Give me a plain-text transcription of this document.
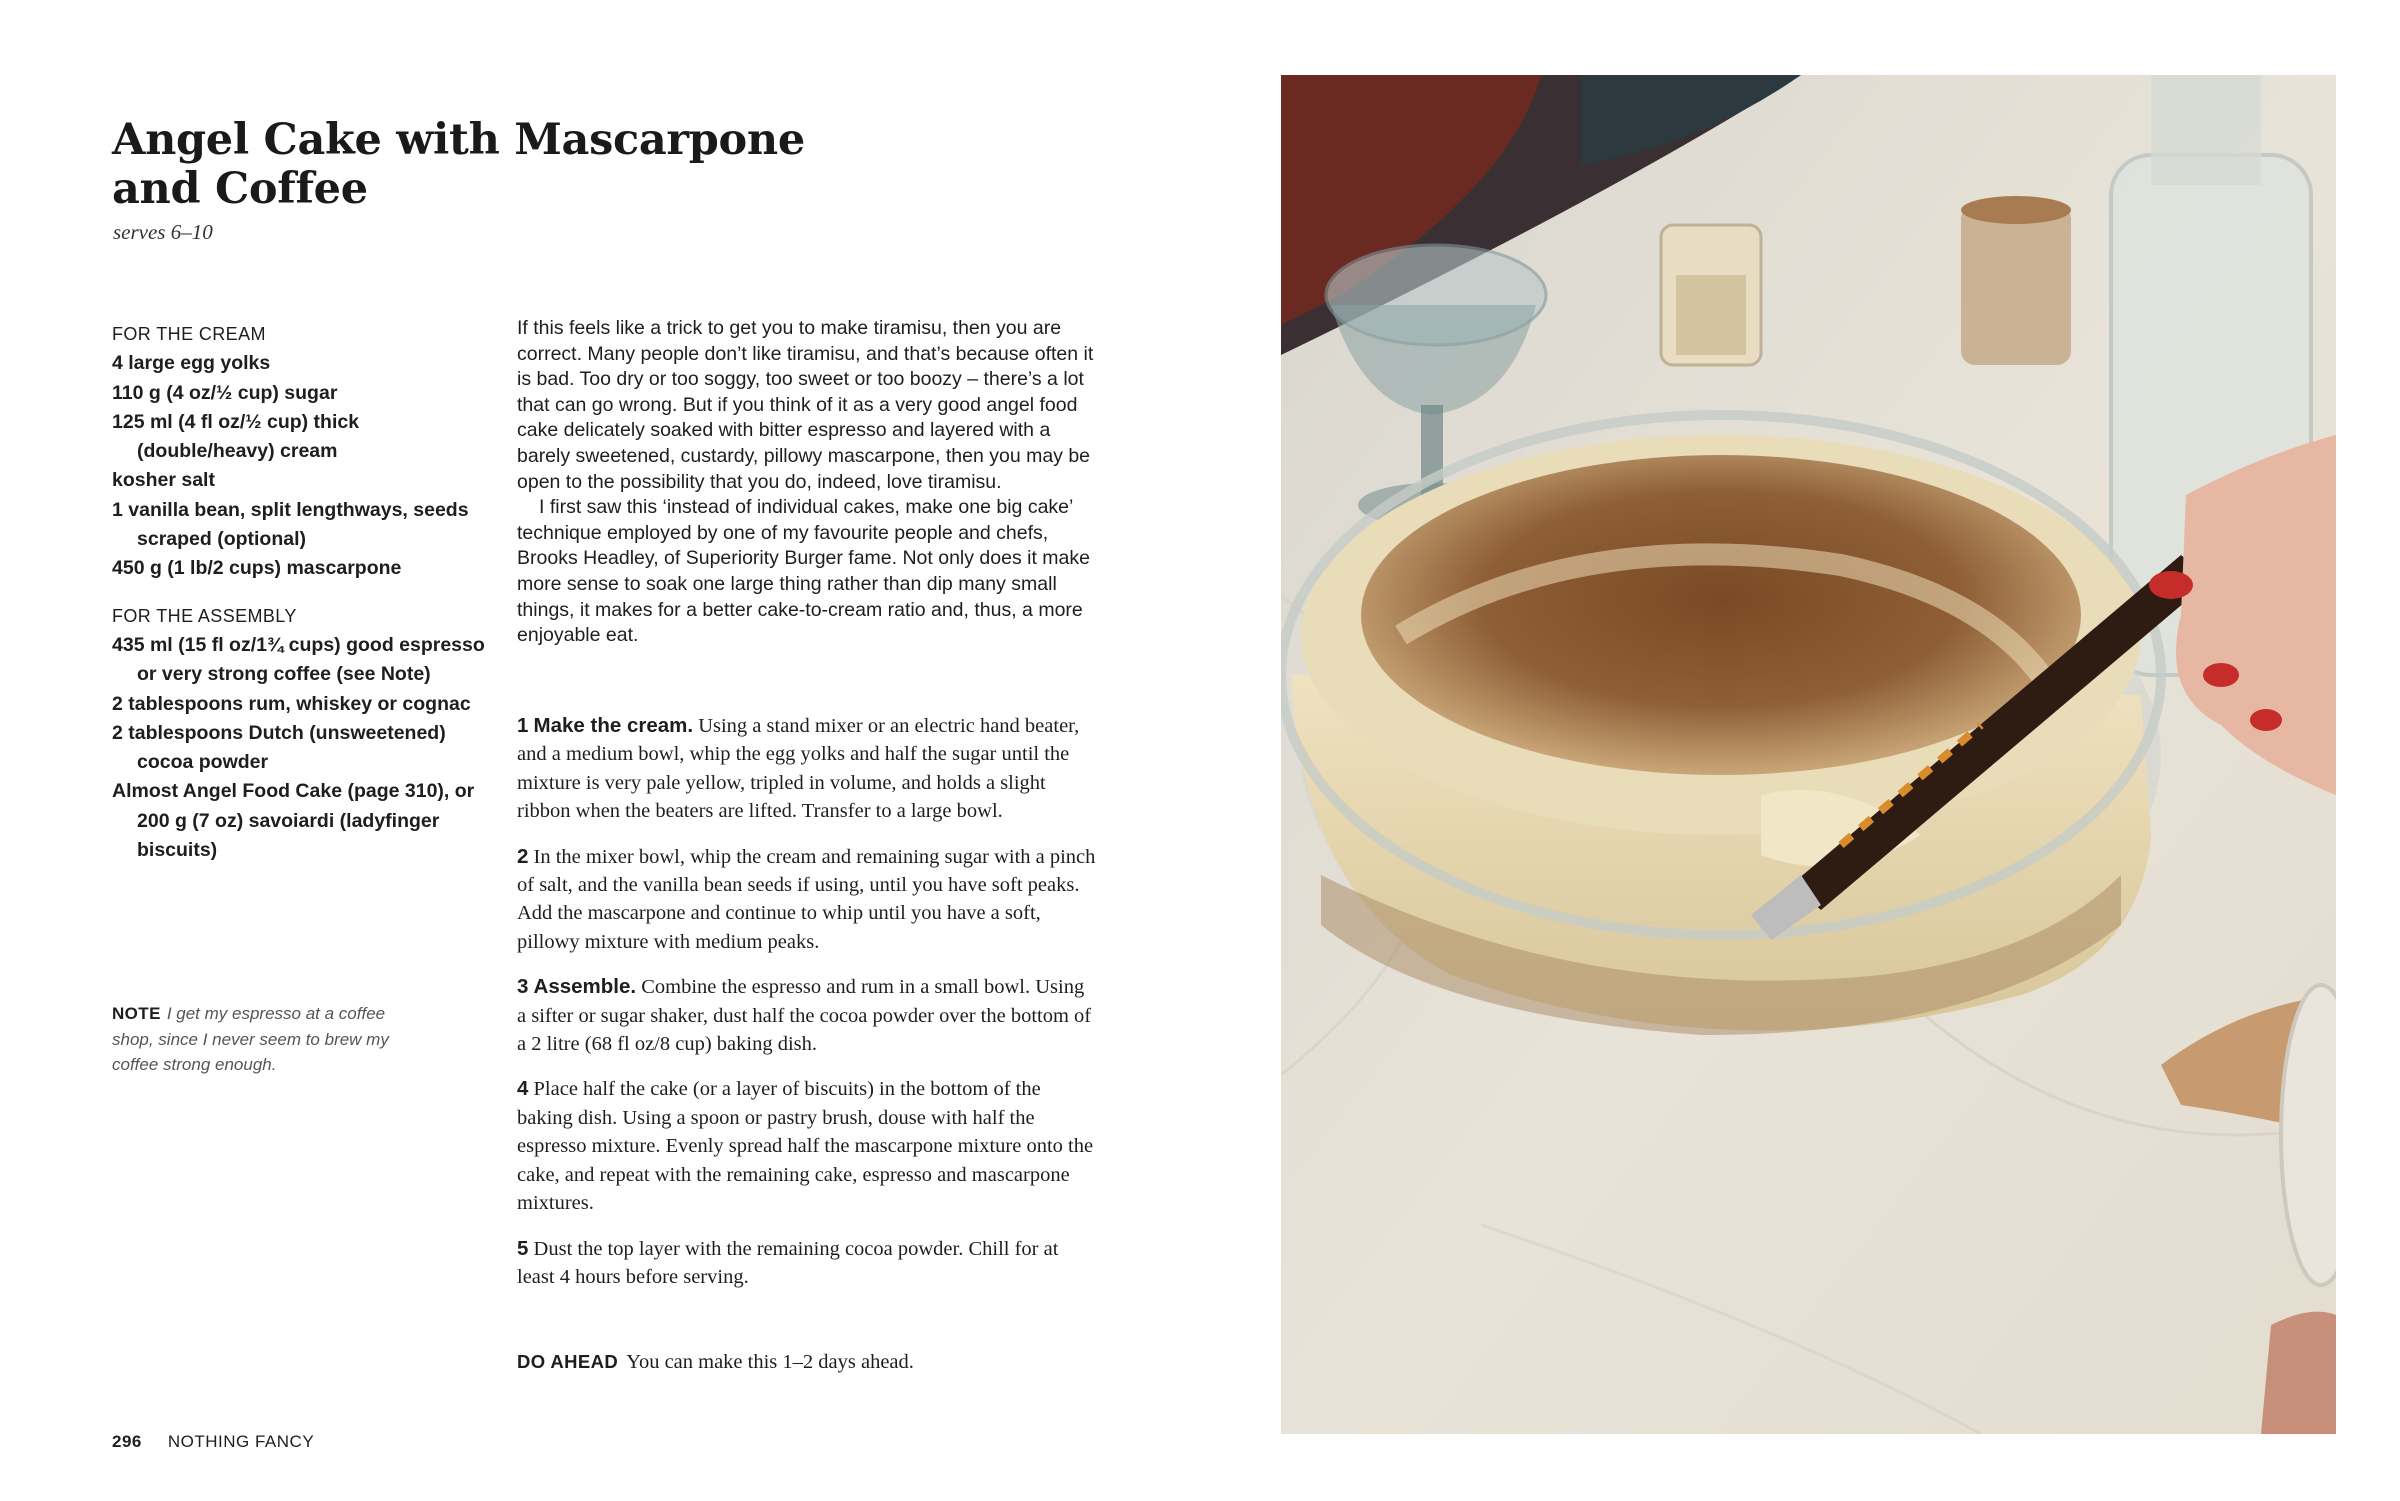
Angel Cake with Mascarpone and Coffee
serves 6–10
FOR THE CREAM
4 large egg yolks
110 g (4 oz/½ cup) sugar
125 ml (4 fl oz/½ cup) thick (double/heavy) cream
kosher salt
1 vanilla bean, split lengthways, seeds scraped (optional)
450 g (1 lb/2 cups) mascarpone
FOR THE ASSEMBLY
435 ml (15 fl oz/1¾ cups) good espresso or very strong coffee (see Note)
2 tablespoons rum, whiskey or cognac
2 tablespoons Dutch (unsweetened) cocoa powder
Almost Angel Food Cake (page 310), or 200 g (7 oz) savoiardi (ladyfinger biscuits)
NOTE I get my espresso at a coffee shop, since I never seem to brew my coffee strong enough.

If this feels like a trick to get you to make tiramisu, then you are correct. Many people don’t like tiramisu, and that’s because often it is bad. Too dry or too soggy, too sweet or too boozy – there’s a lot that can go wrong. But if you think of it as a very good angel food cake delicately soaked with bitter espresso and layered with a barely sweetened, custardy, pillowy mascarpone, then you may be open to the possibility that you do, indeed, love tiramisu.

I first saw this ‘instead of individual cakes, make one big cake’ technique employed by one of my favourite people and chefs, Brooks Headley, of Superiority Burger fame. Not only does it make more sense to soak one large thing rather than dip many small things, it makes for a better cake-to-cream ratio and, thus, a more enjoyable eat.

1 Make the cream. Using a stand mixer or an electric hand beater, and a medium bowl, whip the egg yolks and half the sugar until the mixture is very pale yellow, tripled in volume, and holds a slight ribbon when the beaters are lifted. Transfer to a large bowl.

2 In the mixer bowl, whip the cream and remaining sugar with a pinch of salt, and the vanilla bean seeds if using, until you have soft peaks. Add the mascarpone and continue to whip until you have a soft, pillowy mixture with medium peaks.

3 Assemble. Combine the espresso and rum in a small bowl. Using a sifter or sugar shaker, dust half the cocoa powder over the bottom of a 2 litre (68 fl oz/8 cup) baking dish.

4 Place half the cake (or a layer of biscuits) in the bottom of the baking dish. Using a spoon or pastry brush, douse with half the espresso mixture. Evenly spread half the mascarpone mixture onto the cake, and repeat with the remaining cake, espresso and mascarpone mixtures.

5 Dust the top layer with the remaining cocoa powder. Chill for at least 4 hours before serving.

DO AHEAD You can make this 1–2 days ahead.
296 NOTHING FANCY
